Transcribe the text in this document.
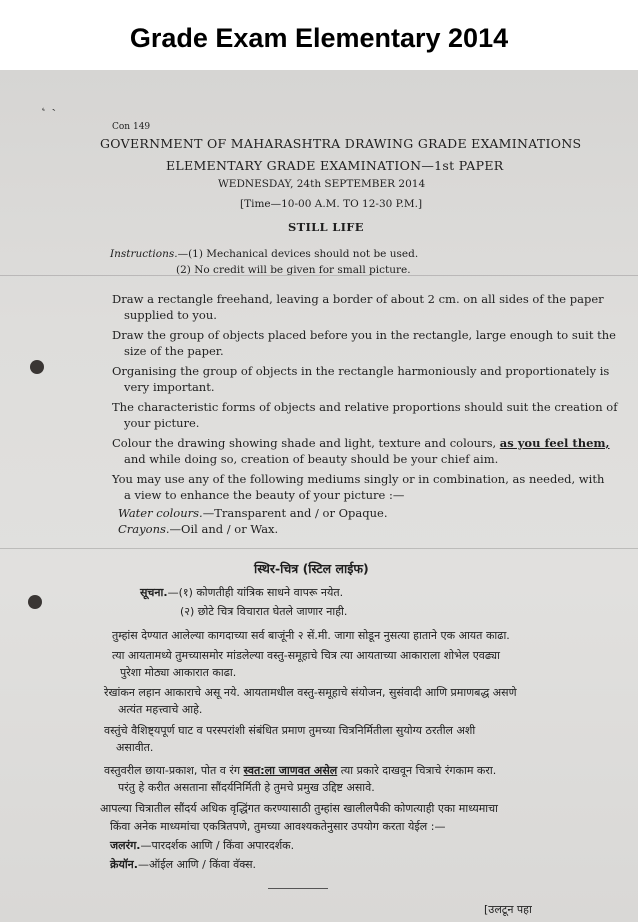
Grade Exam Elementary 2014
˛ ˏ
Con 149
GOVERNMENT OF MAHARASHTRA DRAWING GRADE EXAMINATIONS
ELEMENTARY GRADE EXAMINATION—1st PAPER
WEDNESDAY, 24th SEPTEMBER 2014
[Time—10-00 A.M. TO 12-30 P.M.]
STILL LIFE
Instructions.—(1) Mechanical devices should not be used.
(2) No credit will be given for small picture.
Draw a rectangle freehand, leaving a border of about 2 cm. on all sides of the paper
supplied to you.
Draw the group of objects placed before you in the rectangle, large enough to suit the
size of the paper.
Organising the group of objects in the rectangle harmoniously and proportionately is
very important.
The characteristic forms of objects and relative proportions should suit the creation of
your picture.
Colour the drawing showing shade and light, texture and colours, as you feel them,
and while doing so, creation of beauty should be your chief aim.
You may use any of the following mediums singly or in combination, as needed, with
a view to enhance the beauty of your picture :—
Water colours.—Transparent and / or Opaque.
Crayons.—Oil and / or Wax.
स्थिर-चित्र (स्टिल लाईफ)
सूचना.—(१) कोणतीही यांत्रिक साधने वापरू नयेत.
(२) छोटे चित्र विचारात घेतले जाणार नाही.
तुम्हांस देण्यात आलेल्या कागदाच्या सर्व बाजूंनी २ सें.मी. जागा सोडून नुसत्या हाताने एक आयत काढा.
त्या आयतामध्ये तुमच्यासमोर मांडलेल्या वस्तु-समूहाचे चित्र त्या आयताच्या आकाराला शोभेल एवढ्या
पुरेशा मोठ्या आकारात काढा.
रेखांकन लहान आकाराचे असू नये. आयतामधील वस्तु-समूहाचे संयोजन, सुसंवादी आणि प्रमाणबद्ध असणे
अत्यंत महत्त्वाचे आहे.
वस्तुंचे वैशिष्ट्यपूर्ण घाट व परस्परांशी संबंधित प्रमाण तुमच्या चित्रनिर्मितीला सुयोग्य ठरतील अशी
असावीत.
वस्तुवरील छाया-प्रकाश, पोत व रंग स्वत:ला जाणवत असेल त्या प्रकारे दाखवून चित्राचे रंगकाम करा.
परंतु हे करीत असताना सौंदर्यनिर्मिती हे तुमचे प्रमुख उद्दिष्ट असावे.
आपल्या चित्रातील सौंदर्य अधिक वृद्धिंगत करण्यासाठी तुम्हांस खालीलपैकी कोणत्याही एका माध्यमाचा
किंवा अनेक माध्यमांचा एकत्रितपणे, तुमच्या आवश्यकतेनुसार उपयोग करता येईल :—
जलरंग.—पारदर्शक आणि / किंवा अपारदर्शक.
क्रेयॉन.—ऑईल आणि / किंवा वॅक्स.
[उलटून पहा
